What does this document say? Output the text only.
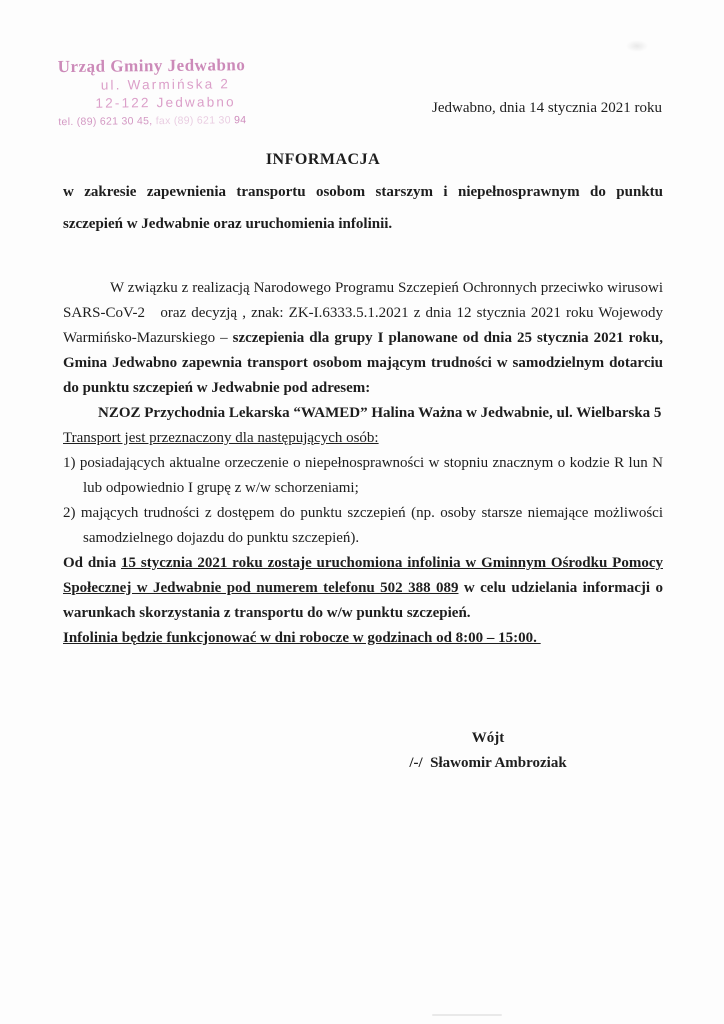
Urząd Gminy Jedwabno
ul. Warmińska 2
12-122 Jedwabno
tel. (89) 621 30 45, fax (89) 621 30 94
Jedwabno, dnia 14 stycznia 2021 roku
INFORMACJA
w zakresie zapewnienia transportu osobom starszym i niepełnosprawnym do punktu szczepień w Jedwabnie oraz uruchomienia infolinii.

W związku z realizacją Narodowego Programu Szczepień Ochronnych przeciwko wirusowi SARS-CoV-2   oraz decyzją , znak: ZK-I.6333.5.1.2021 z dnia 12 stycznia 2021 roku Wojewody Warmińsko-Mazurskiego – szczepienia dla grupy I planowane od dnia 25 stycznia 2021 roku, Gmina Jedwabno zapewnia transport osobom mającym trudności w samodzielnym dotarciu do punktu szczepień w Jedwabnie pod adresem:

NZOZ Przychodnia Lekarska “WAMED” Halina Ważna w Jedwabnie, ul. Wielbarska 5

Transport jest przeznaczony dla następujących osób:

1) posiadających aktualne orzeczenie o niepełnosprawności w stopniu znacznym o kodzie R lun N lub odpowiednio I grupę z w/w schorzeniami;

2) mających trudności z dostępem do punktu szczepień (np. osoby starsze niemające możliwości samodzielnego dojazdu do punktu szczepień).

Od dnia 15 stycznia 2021 roku zostaje uruchomiona infolinia w Gminnym Ośrodku Pomocy Społecznej w Jedwabnie pod numerem telefonu 502 388 089 w celu udzielania informacji o warunkach skorzystania z transportu do w/w punktu szczepień.

Infolinia będzie funkcjonować w dni robocze w godzinach od 8:00 – 15:00.

Wójt
/-/  Sławomir Ambroziak
